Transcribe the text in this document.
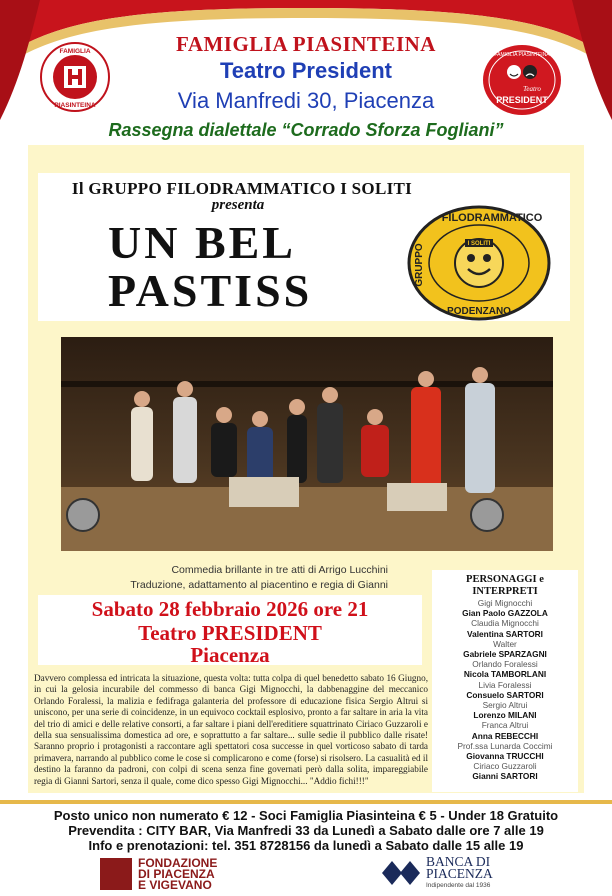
FAMIGLIA
PIASINTEINA
FAMIGLIA PIASINTEINA
Teatro
PRESIDENT
FAMIGLIA PIASINTEINA
Teatro President
Via Manfredi 30, Piacenza
Rassegna dialettale “Corrado Sforza Fogliani”
Il GRUPPO FILODRAMMATICO I SOLITI
presenta
UN BEL
PASTISS
I SOLITI
FILODRAMMATICO
GRUPPO
PODENZANO
Commedia brillante in tre atti di Arrigo Lucchini
Traduzione, adattamento al piacentino e regia di Gianni
Sabato 28 febbraio 2026 ore 21
Teatro PRESIDENT
Piacenza
Davvero complessa ed intricata la situazione, questa volta: tutta colpa di quel benedetto sabato 16 Giugno, in cui la gelosia incurabile del commesso di banca Gigi Mignocchi, la dabbenaggine del meccanico Orlando Foralessi, la malizia e fedifraga galanteria del professore di educazione fisica Sergio Altrui si uniscono, per una serie di coincidenze, in un equivoco cocktail esplosivo, pronto a far saltare in aria la vita del trio di amici e delle relative consorti, a far saltare i piani dell'ereditiere squattrinato Ciriaco Guzzaroli e della sua sensualissima domestica ad ore, e soprattutto a far saltare... sulle sedie il pubblico dalle risate! Saranno proprio i protagonisti a raccontare agli spettatori cosa successe in quel vorticoso sabato di tarda primavera, narrando al pubblico come le cose si complicarono e come (forse) si risolsero. La casualità ed il destino la faranno da padroni, con colpi di scena senza fine governati però dalla solita, impareggiabile regia di Gianni Sartori, senza il quale, come dico spesso Gigi Mignocchi... "Addio fichi!!!"
PERSONAGGI e
INTERPRETI
Gigi Mignocchi
Gian Paolo GAZZOLA
Claudia Mignocchi
Valentina SARTORI
Walter
Gabriele SPARZAGNI
Orlando Foralessi
Nicola TAMBORLANI
Livia Foralessi
Consuelo SARTORI
Sergio Altrui
Lorenzo MILANI
Franca Altrui
Anna REBECCHI
Prof.ssa Lunarda Coccimi
Giovanna TRUCCHI
Ciriaco Guzzaroli
Gianni SARTORI
Posto unico non numerato € 12 - Soci Famiglia Piasinteina € 5 - Under 18 Gratuito
Prevendita : CITY BAR, Via Manfredi 33 da Lunedì a Sabato dalle ore 7 alle 19
Info e prenotazioni: tel. 351 8728156 da lunedì a Sabato dalle 15 alle 19
FONDAZIONE
DI PIACENZA
E VIGEVANO
BANCA DI
PIACENZA
Indipendente dal 1936
